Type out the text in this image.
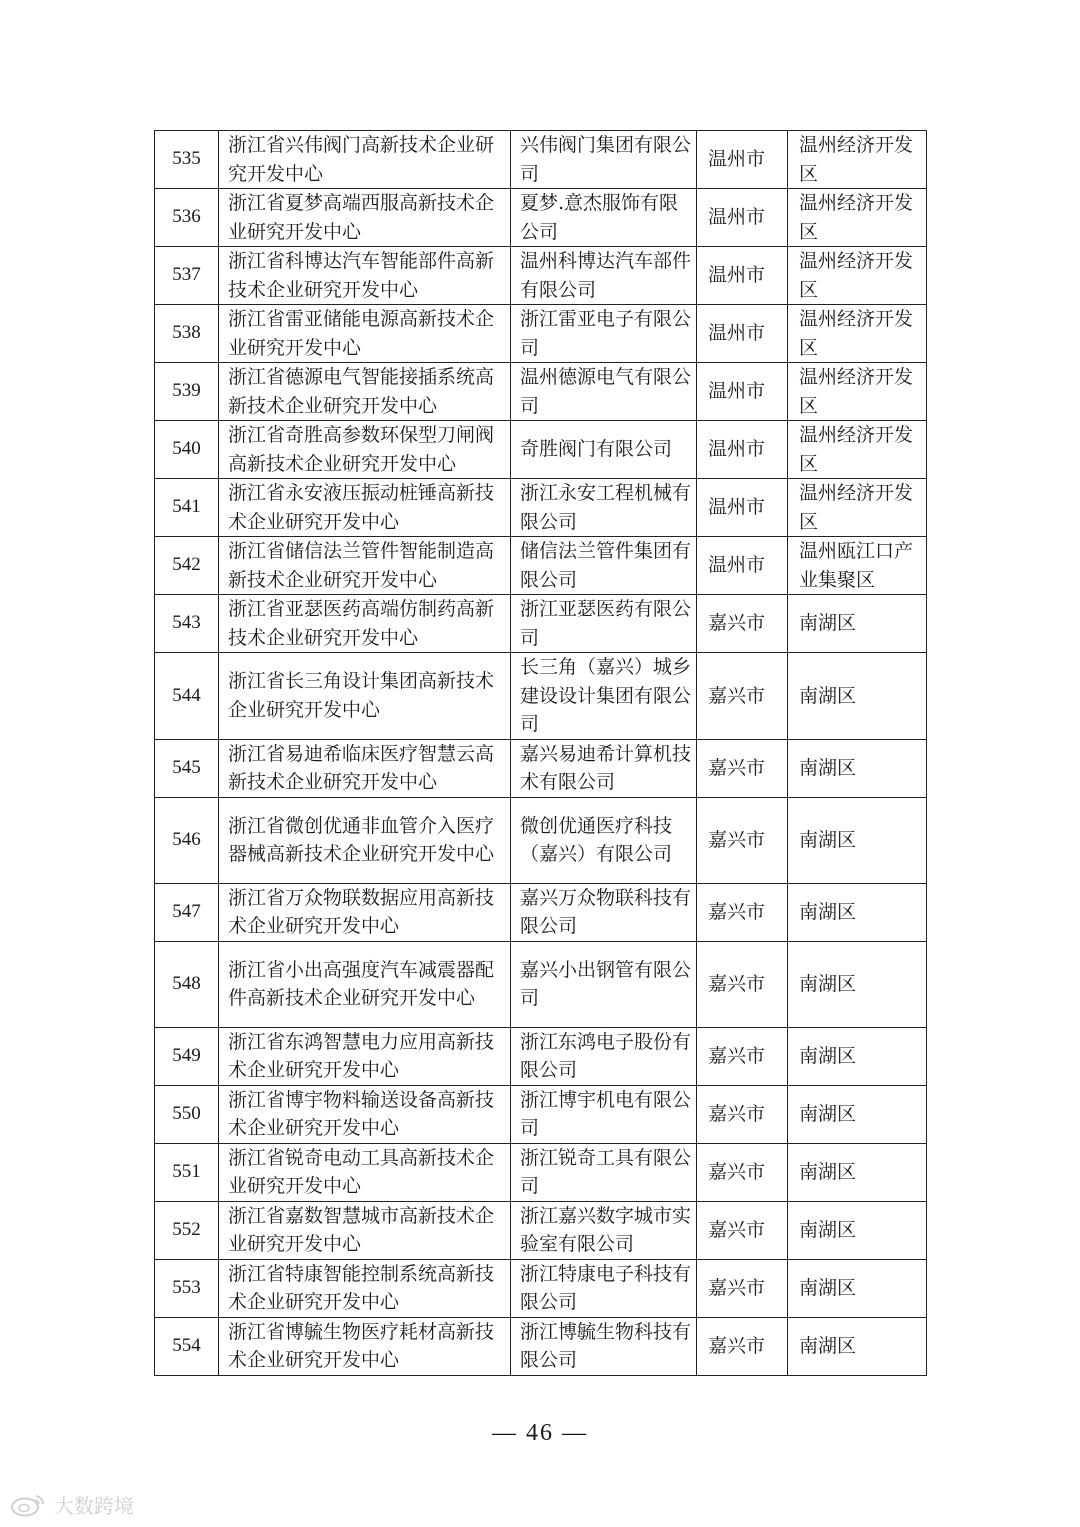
535	浙江省兴伟阀门高新技术企业研究开发中心	兴伟阀门集团有限公司	温州市	温州经济开发区
536	浙江省夏梦高端西服高新技术企业研究开发中心	夏梦.意杰服饰有限公司	温州市	温州经济开发区
537	浙江省科博达汽车智能部件高新技术企业研究开发中心	温州科博达汽车部件有限公司	温州市	温州经济开发区
538	浙江省雷亚储能电源高新技术企业研究开发中心	浙江雷亚电子有限公司	温州市	温州经济开发区
539	浙江省德源电气智能接插系统高新技术企业研究开发中心	温州德源电气有限公司	温州市	温州经济开发区
540	浙江省奇胜高参数环保型刀闸阀高新技术企业研究开发中心	奇胜阀门有限公司	温州市	温州经济开发区
541	浙江省永安液压振动桩锤高新技术企业研究开发中心	浙江永安工程机械有限公司	温州市	温州经济开发区
542	浙江省储信法兰管件智能制造高新技术企业研究开发中心	储信法兰管件集团有限公司	温州市	温州瓯江口产业集聚区
543	浙江省亚瑟医药高端仿制药高新技术企业研究开发中心	浙江亚瑟医药有限公司	嘉兴市	南湖区
544	浙江省长三角设计集团高新技术企业研究开发中心	长三角（嘉兴）城乡建设设计集团有限公司	嘉兴市	南湖区
545	浙江省易迪希临床医疗智慧云高新技术企业研究开发中心	嘉兴易迪希计算机技术有限公司	嘉兴市	南湖区
546	浙江省微创优通非血管介入医疗器械高新技术企业研究开发中心	微创优通医疗科技（嘉兴）有限公司	嘉兴市	南湖区
547	浙江省万众物联数据应用高新技术企业研究开发中心	嘉兴万众物联科技有限公司	嘉兴市	南湖区
548	浙江省小出高强度汽车减震器配件高新技术企业研究开发中心	嘉兴小出钢管有限公司	嘉兴市	南湖区
549	浙江省东鸿智慧电力应用高新技术企业研究开发中心	浙江东鸿电子股份有限公司	嘉兴市	南湖区
550	浙江省博宇物料输送设备高新技术企业研究开发中心	浙江博宇机电有限公司	嘉兴市	南湖区
551	浙江省锐奇电动工具高新技术企业研究开发中心	浙江锐奇工具有限公司	嘉兴市	南湖区
552	浙江省嘉数智慧城市高新技术企业研究开发中心	浙江嘉兴数字城市实验室有限公司	嘉兴市	南湖区
553	浙江省特康智能控制系统高新技术企业研究开发中心	浙江特康电子科技有限公司	嘉兴市	南湖区
554	浙江省博毓生物医疗耗材高新技术企业研究开发中心	浙江博毓生物科技有限公司	嘉兴市	南湖区
— 46 —
大数跨境
